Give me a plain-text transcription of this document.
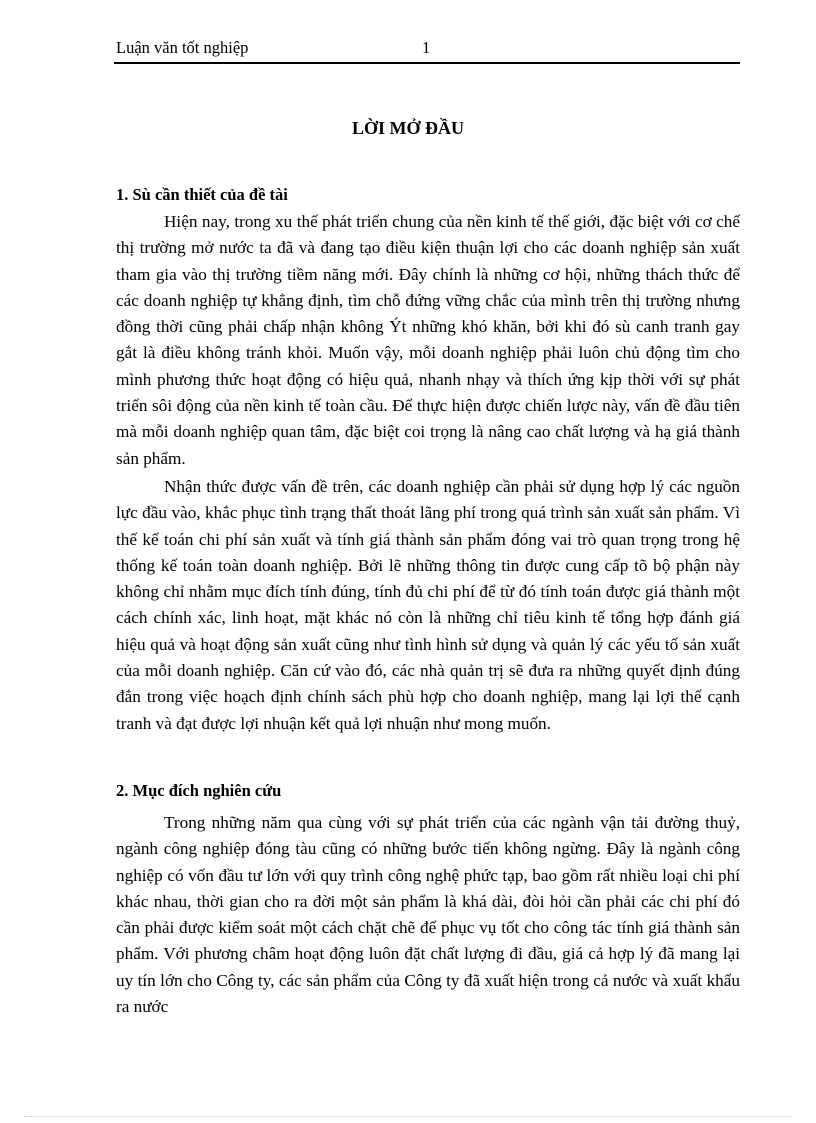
Luận văn tốt nghiệp	1
LỜI MỞ ĐẦU

1. Sù cần thiết của đề tài

Hiện nay, trong xu thế phát triển chung của nền kinh tế thế giới, đặc biệt với cơ chế thị trường mở nước ta đã và đang tạo điều kiện thuận lợi cho các doanh nghiệp sản xuất tham gia vào thị trường tiềm năng mới. Đây chính là những cơ hội, những thách thức để các doanh nghiệp tự khẳng định, tìm chỗ đứng vững chắc của mình trên thị trường nhưng đồng thời cũng phải chấp nhận không Ýt những khó khăn, bởi khi đó sù canh tranh gay gắt là điều không tránh khỏi. Muốn vậy, mỗi doanh nghiệp phải luôn chủ động tìm cho mình phương thức hoạt động có hiệu quả, nhanh nhạy và thích ứng kịp thời với sự phát triển sôi động của nền kinh tế toàn cầu. Để thực hiện được chiến lược này, vấn đề đầu tiên mà mỗi doanh nghiệp quan tâm, đặc biệt coi trọng là nâng cao chất lượng và hạ giá thành sản phẩm.

Nhận thức được vấn đề trên, các doanh nghiệp cần phải sử dụng hợp lý các nguồn lực đầu vào, khắc phục tình trạng thất thoát lãng phí trong quá trình sản xuất sản phẩm. Vì thế kế toán chi phí sản xuất và tính giá thành sản phẩm đóng vai trò quan trọng trong hệ thống kế toán toàn doanh nghiệp. Bởi lẽ những thông tin được cung cấp tõ bộ phận này không chỉ nhằm mục đích tính đúng, tính đủ chi phí để từ đó tính toán được giá thành một cách chính xác, linh hoạt, mặt khác nó còn là những chỉ tiêu kinh tế tổng hợp đánh giá hiệu quả và hoạt động sản xuất cũng như tình hình sử dụng và quản lý các yếu tố sản xuất của mỗi doanh nghiệp. Căn cứ vào đó, các nhà quản trị sẽ đưa ra những quyết định đúng đắn trong việc hoạch định chính sách phù hợp cho doanh nghiệp, mang lại lợi thế cạnh tranh và đạt được lợi nhuận kết quả lợi nhuận như mong muốn.

2. Mục đích nghiên cứu

Trong những năm qua cùng với sự phát triển của các ngành vận tải đường thuỷ, ngành công nghiệp đóng tàu cũng có những bước tiến không ngừng. Đây là ngành công nghiệp có vốn đầu tư lớn với quy trình công nghệ phức tạp, bao gồm rất nhiều loại chi phí khác nhau, thời gian cho ra đời một sản phẩm là khá dài, đòi hỏi cần phải các chi phí đó cần phải được kiểm soát một cách chặt chẽ để phục vụ tốt cho công tác tính giá thành sản phẩm. Với phương châm hoạt động luôn đặt chất lượng đi đầu, giá cả hợp lý đã mang lại uy tín lớn cho Công ty, các sản phẩm của Công ty đã xuất hiện trong cả nước và xuất khẩu ra nước
